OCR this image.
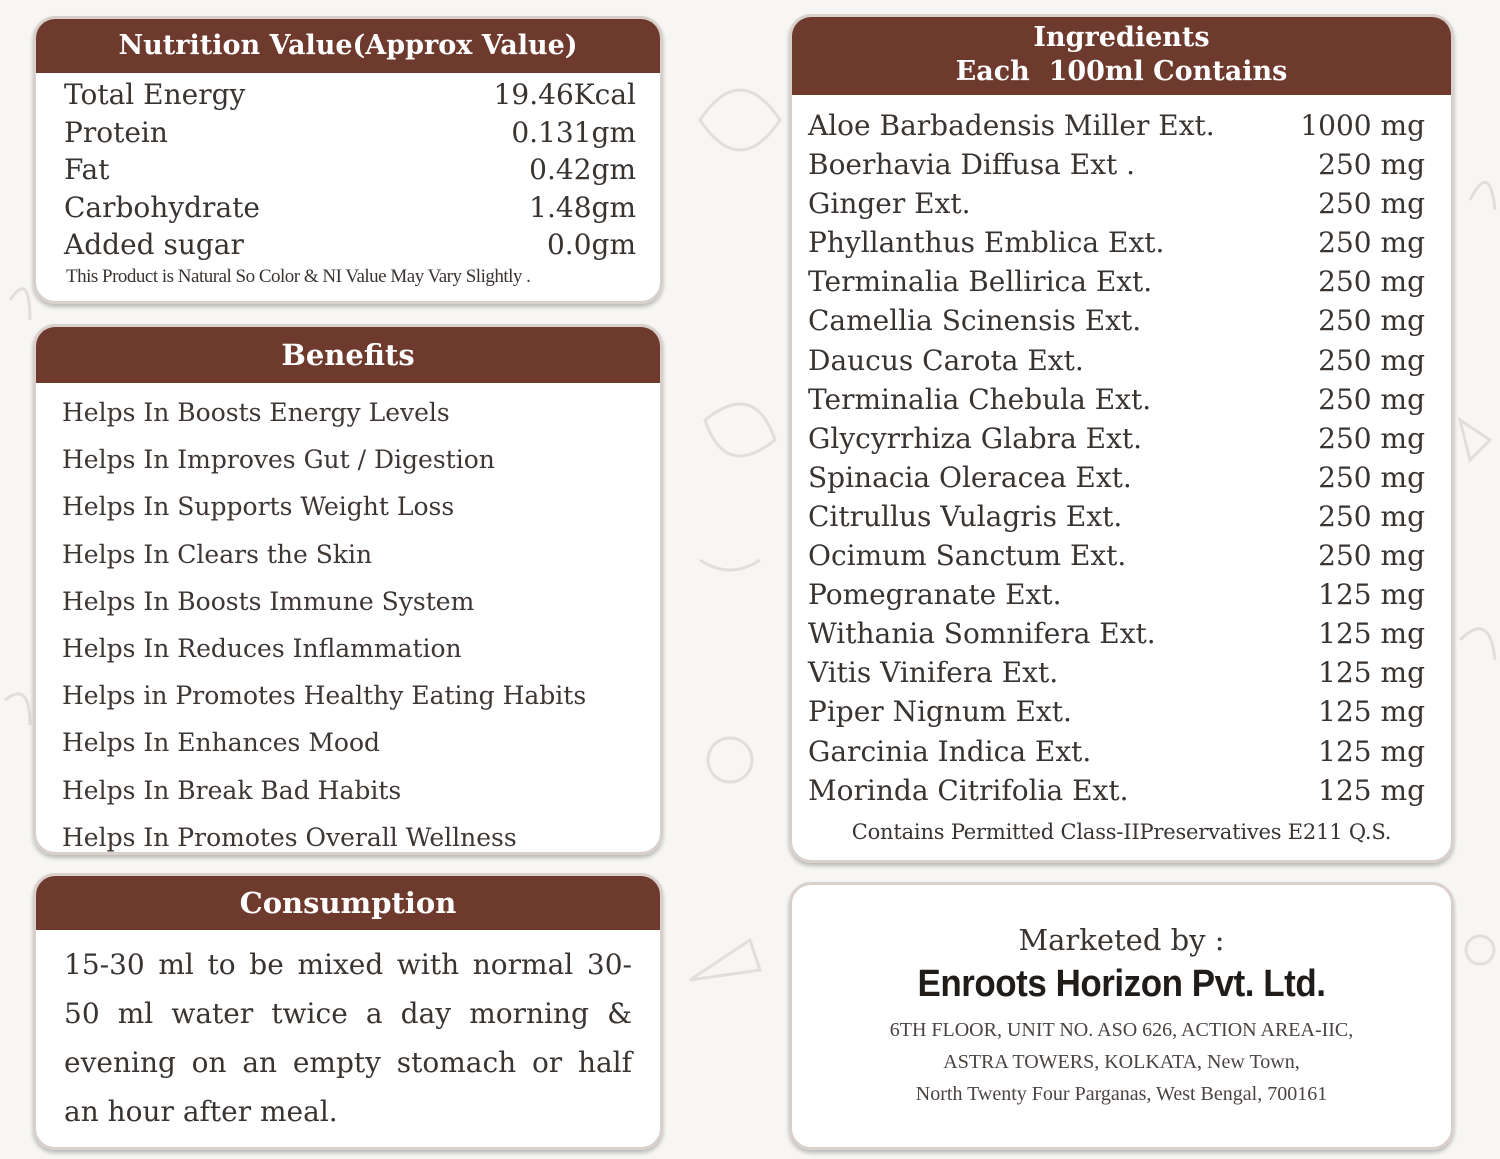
Nutrition Value(Approx Value)
Total Energy	19.46Kcal
Protein	0.131gm
Fat	0.42gm
Carbohydrate	1.48gm
Added sugar	0.0gm
This Product is Natural So Color & NI Value May Vary Slightly .
Benefits
Helps In Boosts Energy Levels
Helps In Improves Gut / Digestion
Helps In Supports Weight Loss
Helps In Clears the Skin
Helps In Boosts Immune System
Helps In Reduces Inflammation
Helps in Promotes Healthy Eating Habits
Helps In Enhances Mood
Helps In Break Bad Habits
Helps In Promotes Overall Wellness
Consumption
15-30 ml to be mixed with normal 30-50 ml water twice a day morning & evening on an empty stomach or half an hour after meal.
Ingredients
Each  100ml Contains
Aloe Barbadensis Miller Ext.	1000 mg
Boerhavia Diffusa Ext .	250 mg
Ginger Ext.	250 mg
Phyllanthus Emblica Ext.	250 mg
Terminalia Bellirica Ext.	250 mg
Camellia Scinensis Ext.	250 mg
Daucus Carota Ext.	250 mg
Terminalia Chebula Ext.	250 mg
Glycyrrhiza Glabra Ext.	250 mg
Spinacia Oleracea Ext.	250 mg
Citrullus Vulagris Ext.	250 mg
Ocimum Sanctum Ext.	250 mg
Pomegranate Ext.	125 mg
Withania Somnifera Ext.	125 mg
Vitis Vinifera Ext.	125 mg
Piper Nignum Ext.	125 mg
Garcinia Indica Ext.	125 mg
Morinda Citrifolia Ext.	125 mg
Contains Permitted Class-IIPreservatives E211 Q.S.
Marketed by :
Enroots Horizon Pvt. Ltd.
6TH FLOOR, UNIT NO. ASO 626, ACTION AREA-IIC,
ASTRA TOWERS, KOLKATA, New Town,
North Twenty Four Parganas, West Bengal, 700161
